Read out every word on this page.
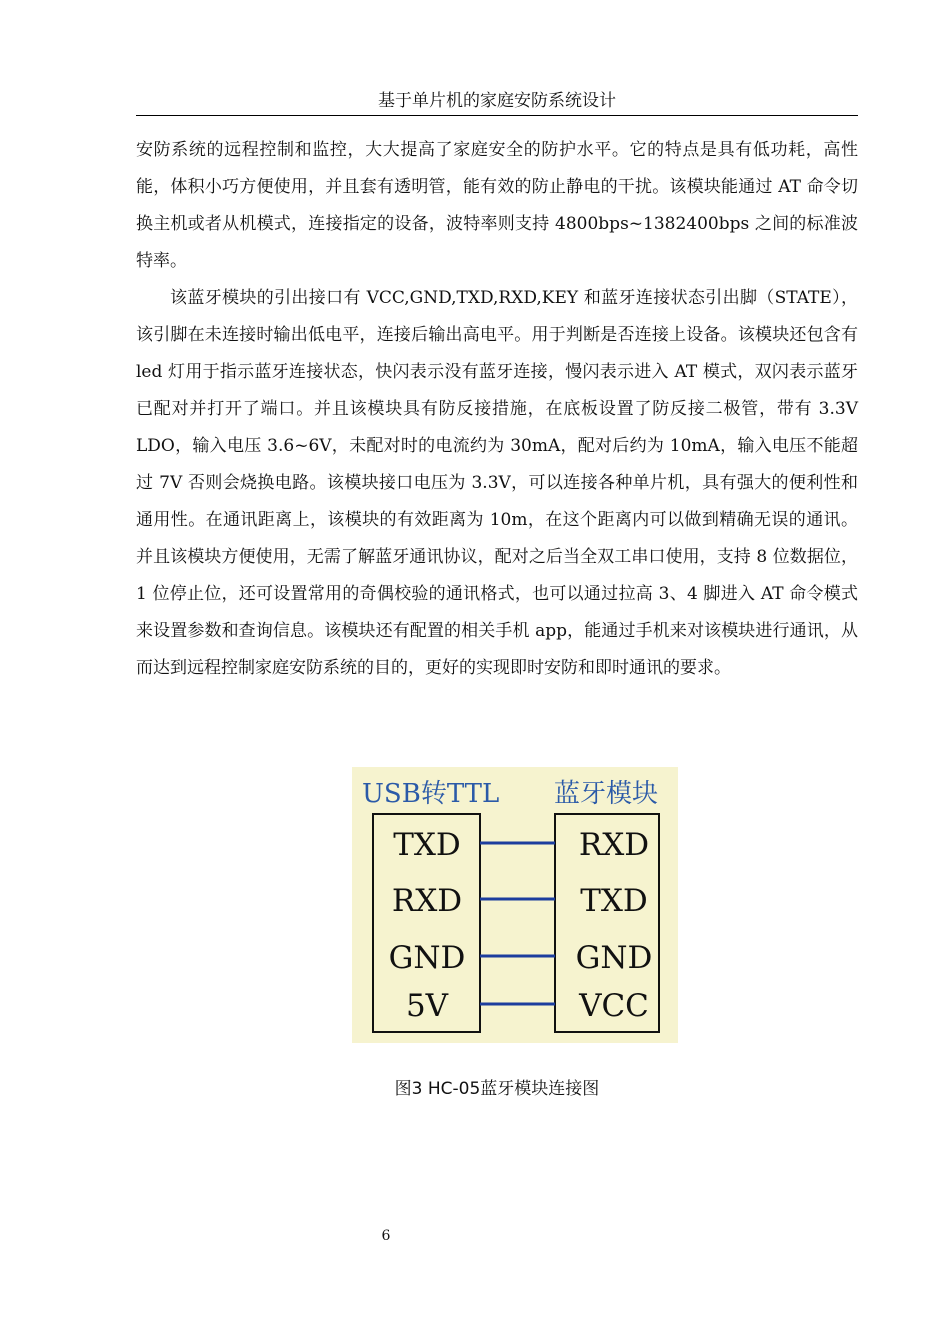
基于单片机的家庭安防系统设计

安防系统的远程控制和监控，大大提高了家庭安全的防护水平。它的特点是具有低功耗，高性能，体积小巧方便使用，并且套有透明管，能有效的防止静电的干扰。该模块能通过 AT 命令切换主机或者从机模式，连接指定的设备，波特率则支持 4800bps~1382400bps 之间的标准波特率。

该蓝牙模块的引出接口有 VCC,GND,TXD,RXD,KEY 和蓝牙连接状态引出脚（STATE），该引脚在未连接时输出低电平，连接后输出高电平。用于判断是否连接上设备。该模块还包含有 led 灯用于指示蓝牙连接状态，快闪表示没有蓝牙连接，慢闪表示进入 AT 模式，双闪表示蓝牙已配对并打开了端口。并且该模块具有防反接措施，在底板设置了防反接二极管，带有 3.3V LDO，输入电压 3.6~6V，未配对时的电流约为 30mA，配对后约为 10mA，输入电压不能超过 7V 否则会烧换电路。该模块接口电压为 3.3V，可以连接各种单片机，具有强大的便利性和通用性。在通讯距离上，该模块的有效距离为 10m，在这个距离内可以做到精确无误的通讯。并且该模块方便使用，无需了解蓝牙通讯协议，配对之后当全双工串口使用，支持 8 位数据位，1 位停止位，还可设置常用的奇偶校验的通讯格式，也可以通过拉高 3、4 脚进入 AT 命令模式来设置参数和查询信息。该模块还有配置的相关手机 app，能通过手机来对该模块进行通讯，从而达到远程控制家庭安防系统的目的，更好的实现即时安防和即时通讯的要求。

USB转TTL 蓝牙模块
TXD
RXD
GND
5V
RXD
TXD
GND
VCC
图3 HC-05蓝牙模块连接图
6
